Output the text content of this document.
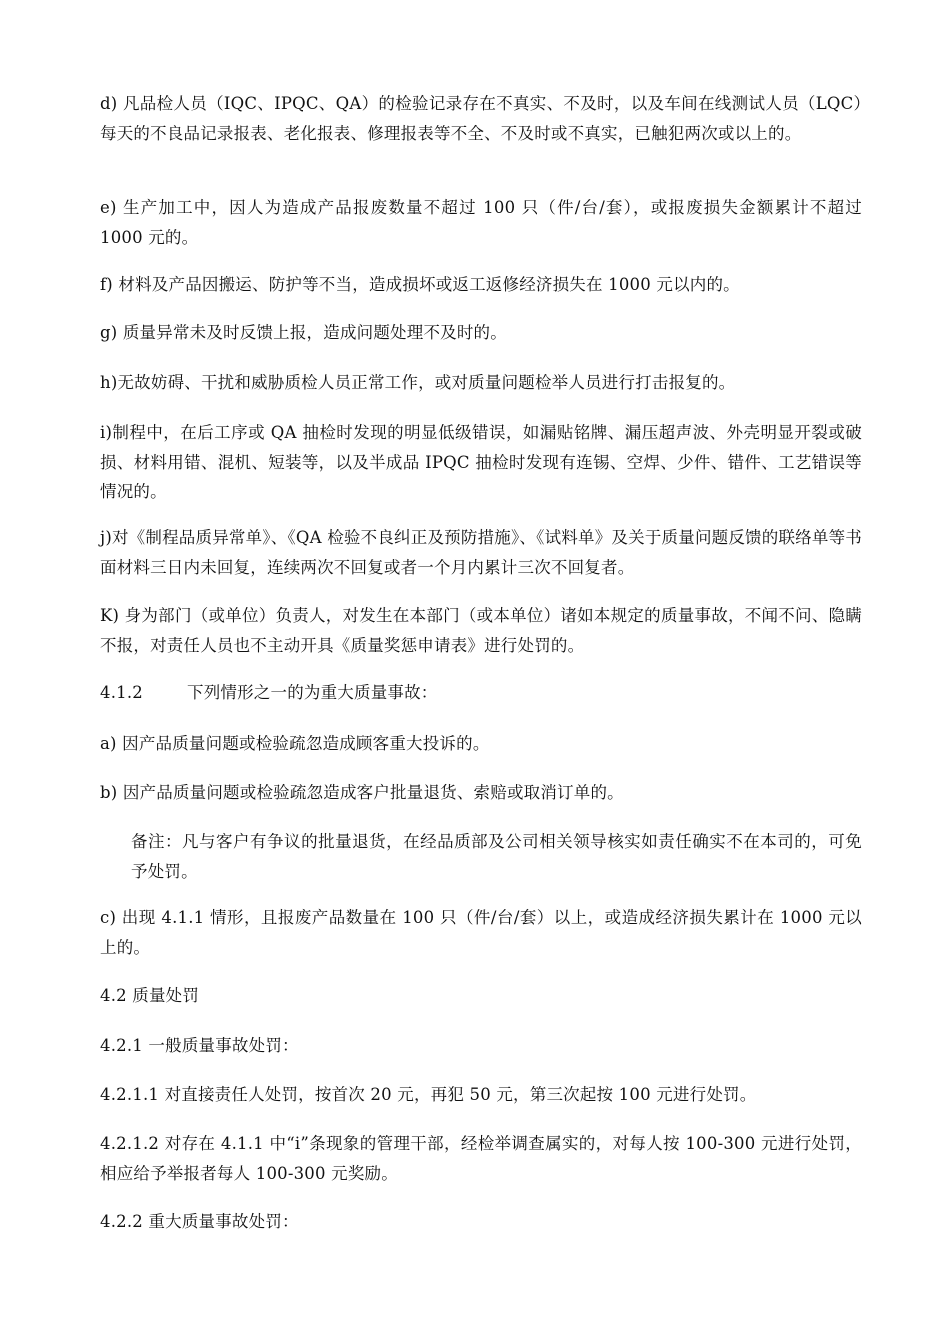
d) 凡品检人员（IQC、IPQC、QA）的检验记录存在不真实、不及时，以及车间在线测试人员（LQC）每天的不良品记录报表、老化报表、修理报表等不全、不及时或不真实，已触犯两次或以上的。

e) 生产加工中，因人为造成产品报废数量不超过 100 只（件/台/套），或报废损失金额累计不超过 1000 元的。

f) 材料及产品因搬运、防护等不当，造成损坏或返工返修经济损失在 1000 元以内的。

g) 质量异常未及时反馈上报，造成问题处理不及时的。

h)无故妨碍、干扰和威胁质检人员正常工作，或对质量问题检举人员进行打击报复的。

i)制程中，在后工序或 QA 抽检时发现的明显低级错误，如漏贴铭牌、漏压超声波、外壳明显开裂或破损、材料用错、混机、短装等，以及半成品 IPQC 抽检时发现有连锡、空焊、少件、错件、工艺错误等情况的。

j)对《制程品质异常单》、《QA 检验不良纠正及预防措施》、《试料单》及关于质量问题反馈的联络单等书面材料三日内未回复，连续两次不回复或者一个月内累计三次不回复者。

K) 身为部门（或单位）负责人，对发生在本部门（或本单位）诸如本规定的质量事故，不闻不问、隐瞒不报，对责任人员也不主动开具《质量奖惩申请表》进行处罚的。

4.1.2	下列情形之一的为重大质量事故：

a) 因产品质量问题或检验疏忽造成顾客重大投诉的。

b) 因产品质量问题或检验疏忽造成客户批量退货、索赔或取消订单的。

备注：凡与客户有争议的批量退货，在经品质部及公司相关领导核实如责任确实不在本司的，可免予处罚。

c) 出现 4.1.1 情形，且报废产品数量在 100 只（件/台/套）以上，或造成经济损失累计在 1000 元以上的。

4.2 质量处罚

4.2.1 一般质量事故处罚：

4.2.1.1 对直接责任人处罚，按首次 20 元，再犯 50 元，第三次起按 100 元进行处罚。

4.2.1.2 对存在 4.1.1 中“i”条现象的管理干部，经检举调查属实的，对每人按 100-300 元进行处罚，相应给予举报者每人 100-300 元奖励。

4.2.2 重大质量事故处罚：
